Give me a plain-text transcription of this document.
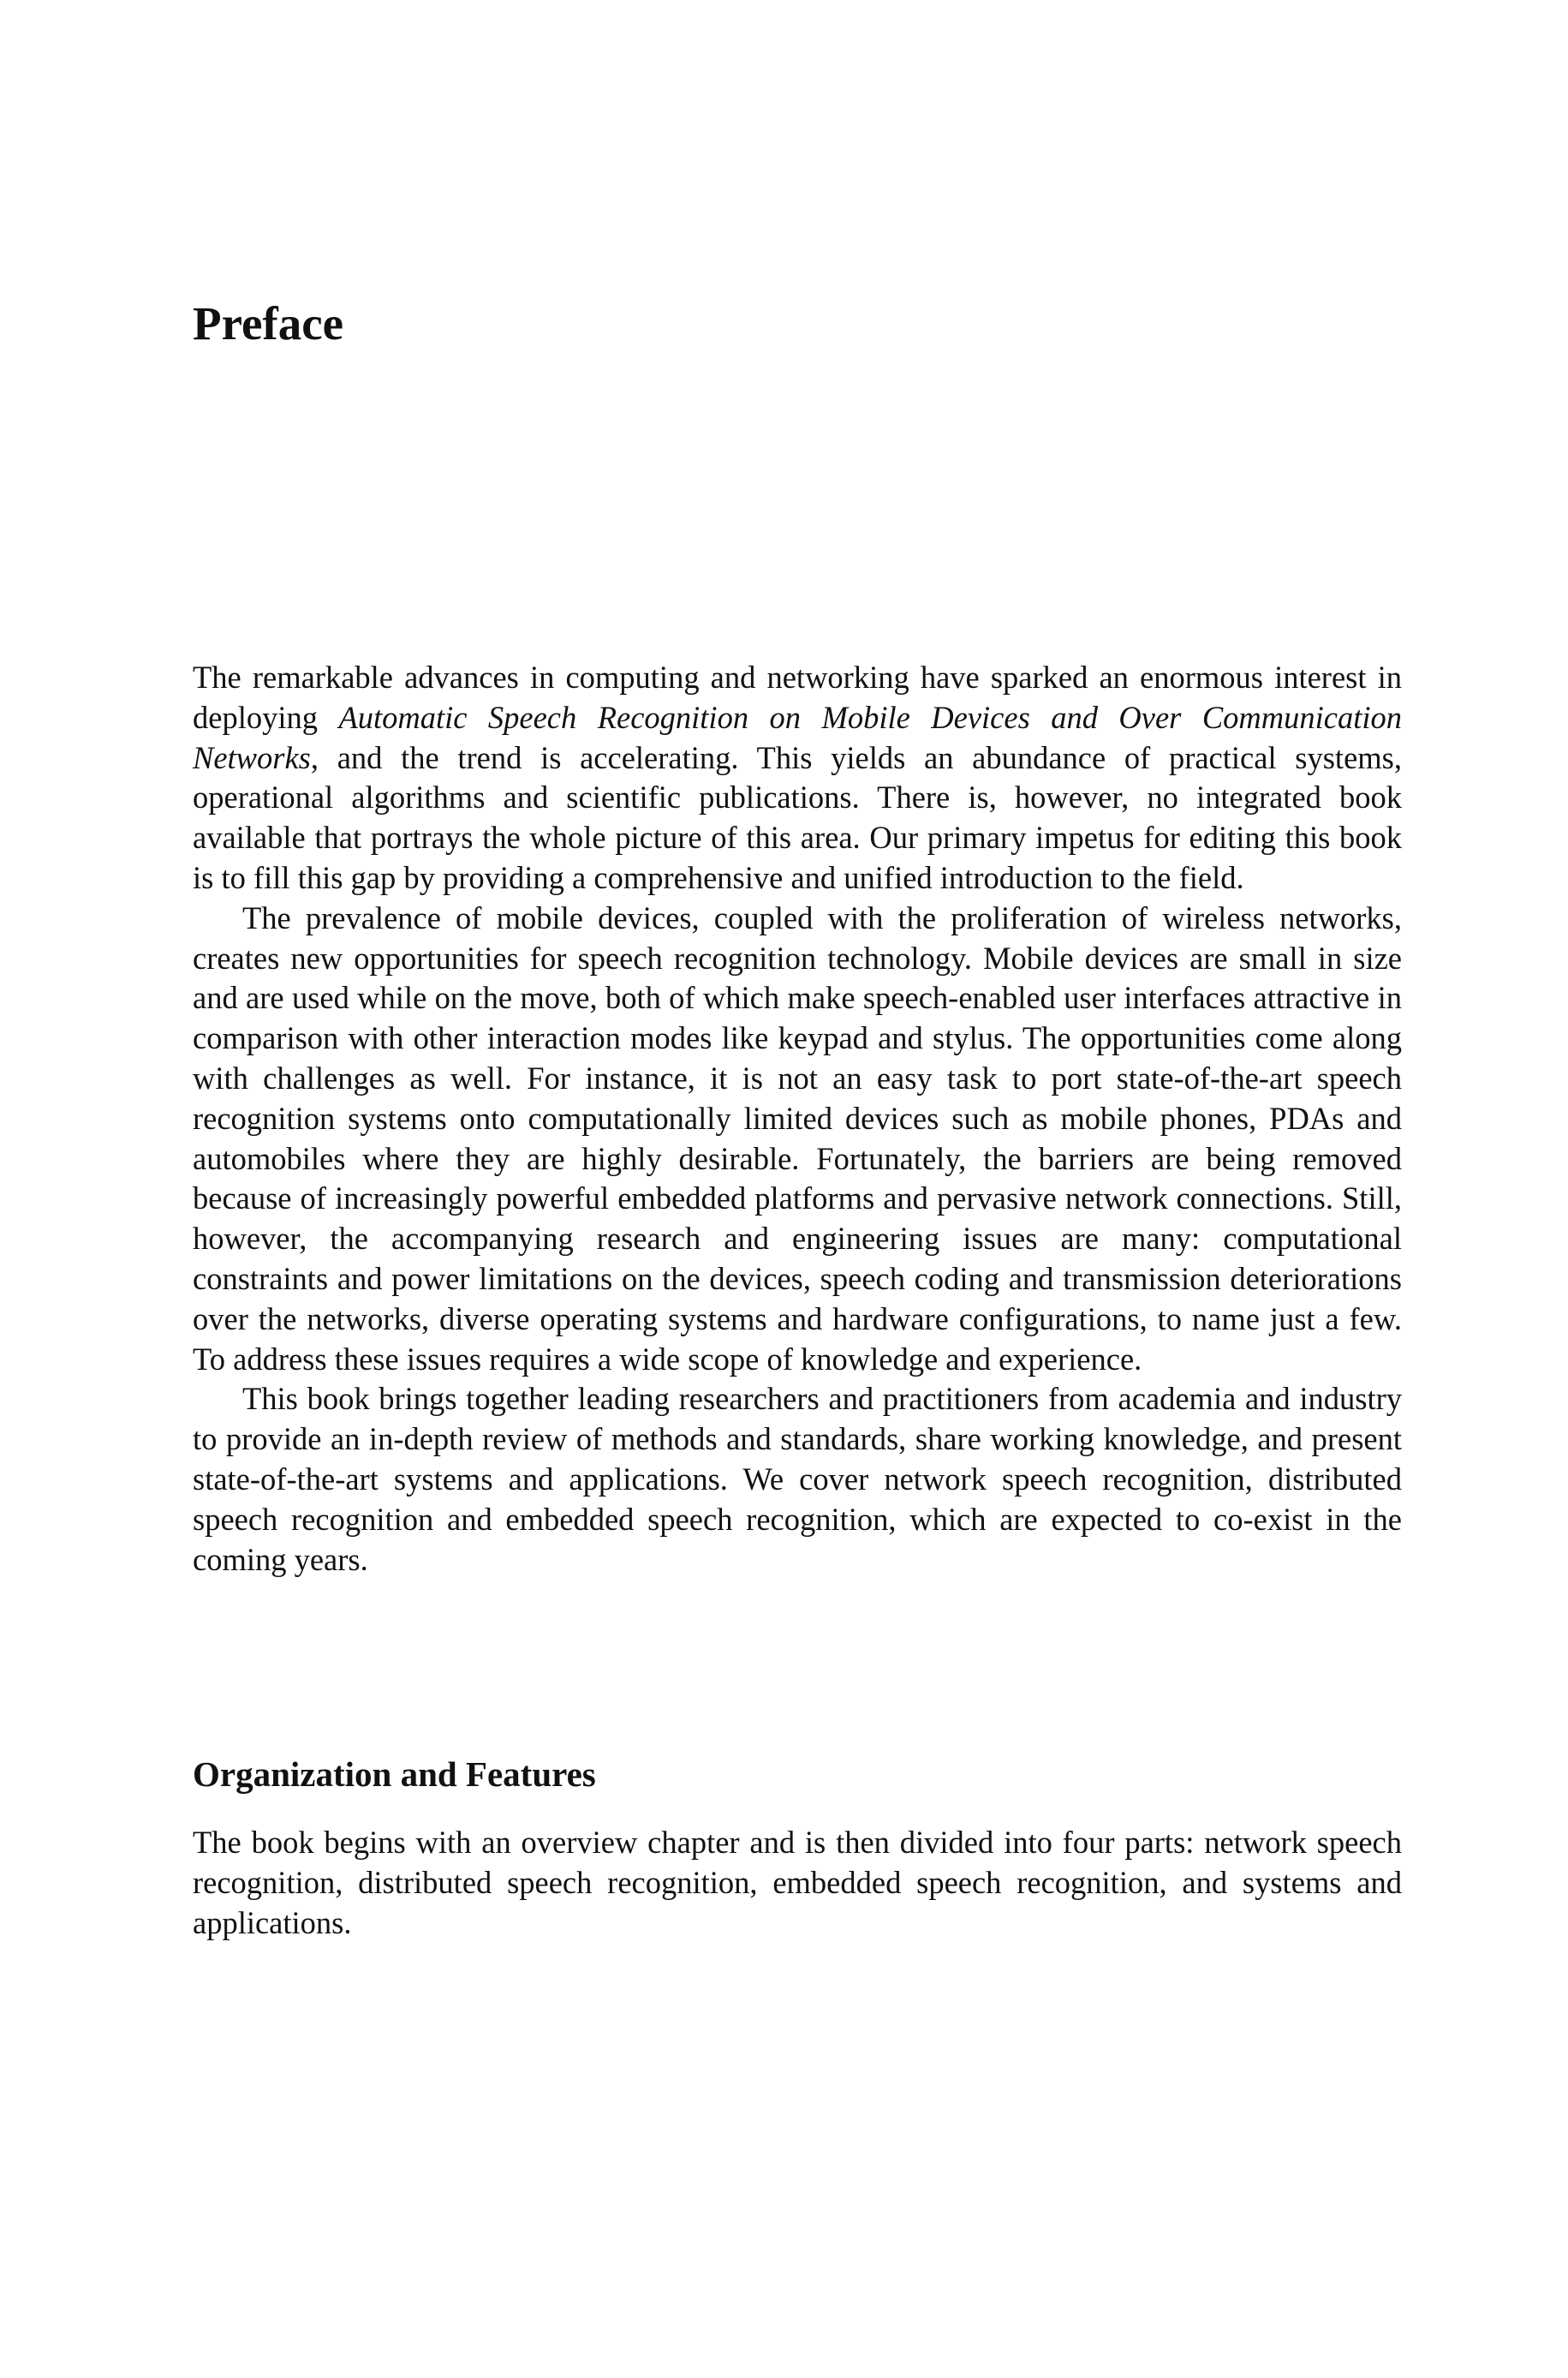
Preface

The remarkable advances in computing and networking have sparked an enormous interest in deploying Automatic Speech Recognition on Mobile Devices and Over Communication Networks, and the trend is accelerating. This yields an abundance of practical systems, operational algorithms and scientific publications. There is, however, no integrated book available that portrays the whole picture of this area. Our primary impetus for editing this book is to fill this gap by providing a comprehensive and unified introduction to the field.

The prevalence of mobile devices, coupled with the proliferation of wireless networks, creates new opportunities for speech recognition technology. Mobile devices are small in size and are used while on the move, both of which make speech-enabled user interfaces attractive in comparison with other interaction modes like keypad and stylus. The opportunities come along with challenges as well. For instance, it is not an easy task to port state-of-the-art speech recognition systems onto computationally limited devices such as mobile phones, PDAs and automobiles where they are highly desirable. Fortunately, the barriers are being removed because of increasingly powerful embedded platforms and pervasive network connections. Still, however, the accompanying research and engineering issues are many: computational constraints and power limitations on the devices, speech coding and transmission deteriorations over the networks, diverse operating systems and hardware configurations, to name just a few. To address these issues requires a wide scope of knowledge and experience.

This book brings together leading researchers and practitioners from academia and industry to provide an in-depth review of methods and standards, share working knowledge, and present state-of-the-art systems and applications. We cover network speech recognition, distributed speech recognition and embedded speech recognition, which are expected to co-exist in the coming years.

Organization and Features

The book begins with an overview chapter and is then divided into four parts: network speech recognition, distributed speech recognition, embedded speech recognition, and systems and applications.
